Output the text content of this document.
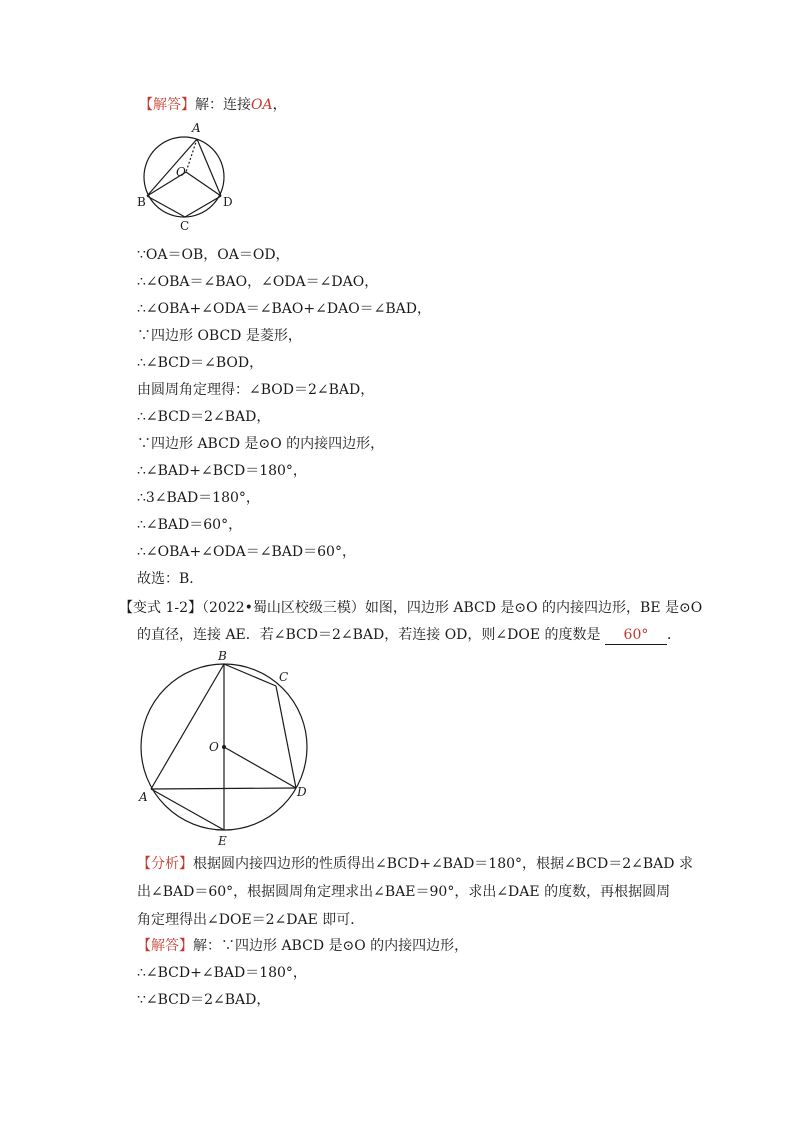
A
O
B
C
D
B
C
O
A	D
E
【解答】解：连接OA，
∵OA＝OB，OA＝OD，
∴∠OBA＝∠BAO，∠ODA＝∠DAO，
∴∠OBA+∠ODA＝∠BAO+∠DAO＝∠BAD，
∵四边形 OBCD 是菱形，
∴∠BCD＝∠BOD，
由圆周角定理得：∠BOD＝2∠BAD，
∴∠BCD＝2∠BAD，
∵四边形 ABCD 是⊙O 的内接四边形，
∴∠BAD+∠BCD＝180°，
∴3∠BAD＝180°，
∴∠BAD＝60°，
∴∠OBA+∠ODA＝∠BAD＝60°，
故选：B．
【变式 1-2】（2022•蜀山区校级三模）如图，四边形 ABCD 是⊙O 的内接四边形，BE 是⊙O
的直径，连接 AE．若∠BCD＝2∠BAD，若连接 OD，则∠DOE 的度数是 60° ．
【分析】根据圆内接四边形的性质得出∠BCD+∠BAD＝180°，根据∠BCD＝2∠BAD 求
出∠BAD＝60°，根据圆周角定理求出∠BAE＝90°，求出∠DAE 的度数，再根据圆周
角定理得出∠DOE＝2∠DAE 即可．
【解答】解：∵四边形 ABCD 是⊙O 的内接四边形，
∴∠BCD+∠BAD＝180°，
∵∠BCD＝2∠BAD，
